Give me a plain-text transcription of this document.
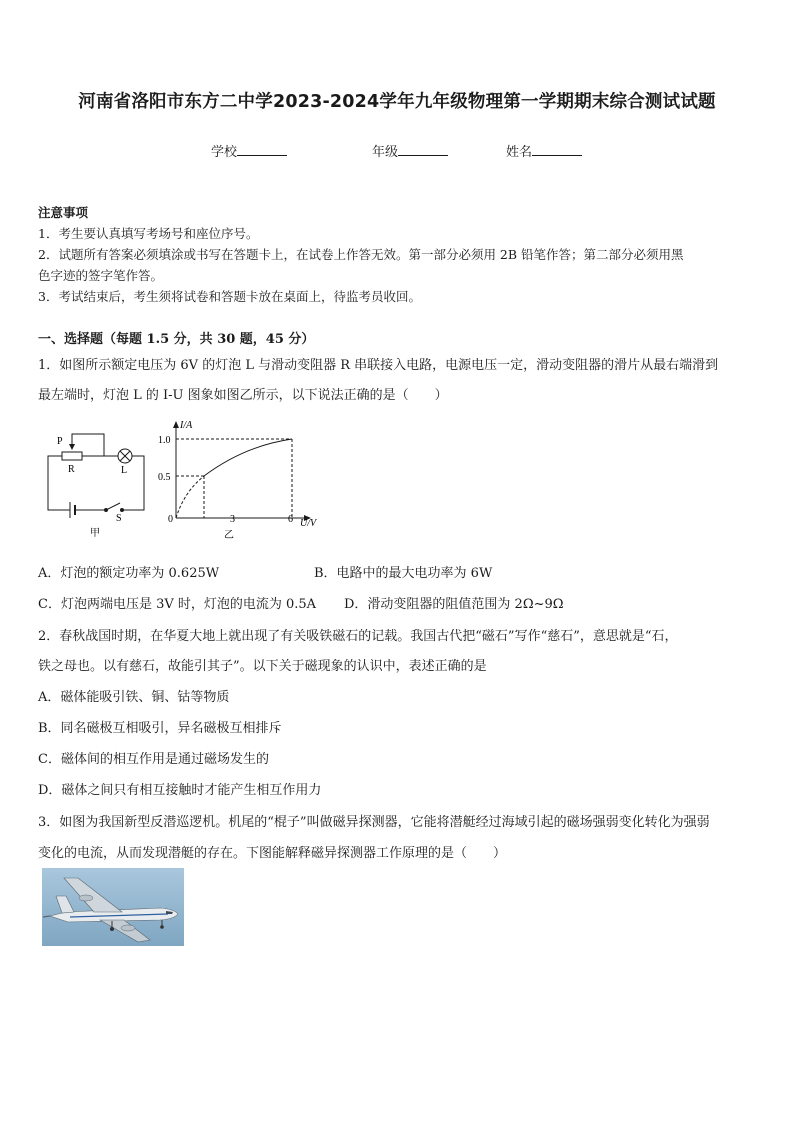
河南省洛阳市东方二中学2023-2024学年九年级物理第一学期期末综合测试试题
学校	年级	姓名
注意事项
1．考生要认真填写考场号和座位序号。
2．试题所有答案必须填涂或书写在答题卡上，在试卷上作答无效。第一部分必须用 2B 铅笔作答；第二部分必须用黑
色字迹的签字笔作答。
3．考试结束后，考生须将试卷和答题卡放在桌面上，待监考员收回。
一、选择题（每题 1.5 分，共 30 题，45 分）
1．如图所示额定电压为 6V 的灯泡 L 与滑动变阻器 R 串联接入电路，电源电压一定，滑动变阻器的滑片从最右端滑到
最左端时，灯泡 L 的 I-U 图象如图乙所示，以下说法正确的是（　　）
P
R	L
S
甲
I/A
1.0
0.5
0	3	6 U/V
乙
A．灯泡的额定功率为 0.625W	B．电路中的最大电功率为 6W
C．灯泡两端电压是 3V 时，灯泡的电流为 0.5A D．滑动变阻器的阻值范围为 2Ω~9Ω
2．春秋战国时期，在华夏大地上就出现了有关吸铁磁石的记载。我国古代把“磁石”写作“慈石”，意思就是“石，
铁之母也。以有慈石，故能引其子”。以下关于磁现象的认识中，表述正确的是
A．磁体能吸引铁、铜、钴等物质
B．同名磁极互相吸引，异名磁极互相排斥
C．磁体间的相互作用是通过磁场发生的
D．磁体之间只有相互接触时才能产生相互作用力
3．如图为我国新型反潜巡逻机。机尾的“棍子”叫做磁异探测器，它能将潜艇经过海域引起的磁场强弱变化转化为强弱
变化的电流，从而发现潜艇的存在。下图能解释磁异探测器工作原理的是（　　）
